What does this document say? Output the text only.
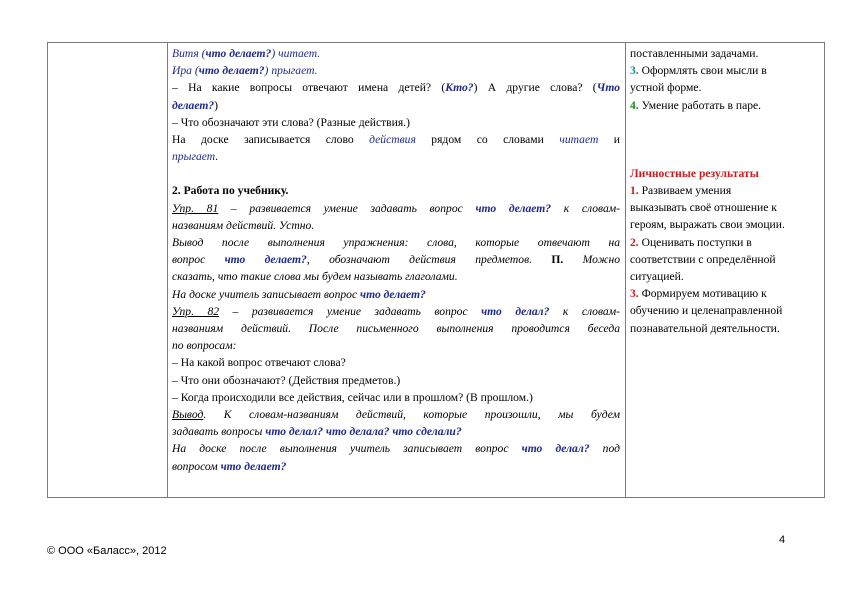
Витя (что делает?) читает.
Ира (что делает?) прыгает.
– На какие вопросы отвечают имена детей? (Кто?) А другие слова? (Что
делает?)
– Что обозначают эти слова? (Разные действия.)
На доске записывается слово действия рядом со словами читает и
прыгает.
2. Работа по учебнику.
Упр. 81 – развивается умение задавать вопрос что делает? к словам-
названиям действий. Устно.
Вывод после выполнения упражнения: слова, которые отвечают на
вопрос что делает?, обозначают действия предметов. П. Можно
сказать, что такие слова мы будем называть глаголами.
На доске учитель записывает вопрос что делает?
Упр. 82 – развивается умение задавать вопрос что делал? к словам-
названиям действий. После письменного выполнения проводится беседа
по вопросам:
– На какой вопрос отвечают слова?
– Что они обозначают? (Действия предметов.)
– Когда происходили все действия, сейчас или в прошлом? (В прошлом.)
Вывод. К словам-названиям действий, которые произошли, мы будем
задавать вопросы что делал? что делала? что сделали?
На доске после выполнения учитель записывает вопрос что делал? под
вопросом что делает?
поставленными задачами.
3. Оформлять свои мысли в
устной форме.
4. Умение работать в паре.
Личностные результаты
1. Развиваем умения
выказывать своё отношение к
героям, выражать свои эмоции.
2. Оценивать поступки в
соответствии с определённой
ситуацией.
3. Формируем мотивацию к
обучению и целенаправленной
познавательной деятельности.
4
© ООО «Баласс», 2012
